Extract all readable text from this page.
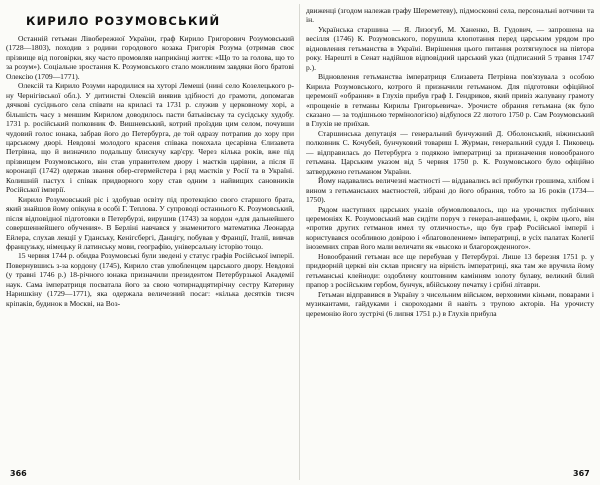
КИРИЛО РОЗУМОВСЬКИЙ

Останній гетьман Лівобережної України, граф Кирило Григорович Розумовський (1728—1803), походив з родини городового козака Григорія Розума (отримав своє прізвище від поговірки, яку часто промовляв наприкінці життя: «Що то за голова, що то за розум»). Соціальне зростання К. Розумовського стало можливим завдяки його братові Олексію (1709—1771).

Олексій та Кирило Розуми народилися на хуторі Лемеші (нині село Козелецького р-ну Чернігівської обл.). У дитинстві Олексій виявив здібності до грамоти, допомагав дячкові сусіднього села співати на криласі та 1731 р. служив у церковному хорі, а більшість часу з меншим Кирилом доводилось пасти батьківську та сусідську худобу. 1731 р. російський полковник Ф. Вишневський, котрий проїздив цим селом, почувши чудовий голос юнака, забрав його до Петербурга, де той одразу потрапив до хору при царському дворі. Невдовзі молодого красеня співака покохала цесарівна Єлизавета Петрівна, що й визначило подальшу блискучу кар'єру. Через кілька років, вже під прізвищем Розумовського, він став управителем двору і маєтків царівни, а після її коронації (1742) одержав звання обер-єгермейстера і ряд маєтків у Росії та в Україні. Колишній пастух і співак придворного хору став одним з найвищих сановників Російської імперії.

Кирило Розумовський ріс і здобував освіту під протекцією свого старшого брата, який знайшов йому опікуна в особі Г. Теплова. У супроводі останнього К. Розумовський, після відповідної підготовки в Петербурзі, вирушив (1743) за кордон «для дальнейшего совершеннейшего обучения». В Берліні навчався у знаменитого математика Леонарда Ейлера, слухав лекції у Гданську, Кенігсбергі, Данцігу, побував у Франції, Італії, вивчав французьку, німецьку й латинську мови, географію, універсальну історію тощо.

15 червня 1744 р. обидва Розумовські були зведені у статус графів Російської імперії. Повернувшись з-за кордону (1745), Кирило став улюбленцем царського двору. Невдовзі (у травні 1746 р.) 18-річного юнака призначили президентом Петербурзької Академії наук. Сама імператриця посватала його за свою чотирнадцятирічну сестру Катерину Наришкіну (1729—1771), яка одержала величезний посаг: «кілька десятків тисяч кріпаків, будинок в Москві, на Воз-

движенці (згодом належав графу Шереметеву), підмосковні села, персональні вотчини та ін.

Українська старшина — Я. Лизогуб, М. Ханенко, В. Гудович, — запрошена на весілля (1746) К. Розумовського, порушила клопотання перед царським урядом про відновлення гетьманства в Україні. Вирішення цього питання розтягнулося на півтора року. Нарешті в Сенат надійшов відповідний царський указ (підписаний 5 травня 1747 р.).

Відновлення гетьманства імператриця Єлизавета Петрівна пов'язувала з особою Кирила Розумовського, котрого й призначили гетьманом. Для підготовки офіційної церемонії «обрання» в Глухів прибув граф І. Гендриков, який привіз жалувану грамоту «прощеніе в гетманы Кирилы Григорьевича». Урочисте обрання гетьмана (як було сказано — за тодішньою термінологією) відбулося 22 лютого 1750 р. Сам Розумовський в Глухів не приїхав.

Старшинська депутація — генеральний бунчужний Д. Оболонський, ніжинський полковник С. Кочубей, бунчуковий товариш І. Журман, генеральний суддя І. Пиковець — відправилась до Петербурга з подякою імператриці за призначення новообраного гетьмана. Царським указом від 5 червня 1750 р. К. Розумовського було офіційно затверджено гетьманом України.

Йому надавались величезні маєтності — віддавались всі прибутки грошима, хлібом і вином з гетьманських маєтностей, зібрані до його обрання, тобто за 16 років (1734—1750).

Рядом наступних царських указів обумовлювалось, що на урочистих публічних церемоніях К. Розумовський мав сидіти поруч з генерал-аншефами, і, окрім цього, він «против других гетманов имел ту отличность», що був граф Російської імперії і користувався особливою довірою і «благоволением» імператриці, в усіх палатах Колегії іноземних справ його мали величати як «высоко и благорожденного».

Новообраний гетьман все ще перебував у Петербурзі. Лише 13 березня 1751 р. у придворній церкві він склав присягу на вірність імператриці, яка там же вручила йому гетьманські клейноди: оздоблену коштовним камінням золоту булаву, великий білий прапор з російським гербом, бунчук, вбійськову печатку і срібні літаври.

Гетьман відправився в Україну з чисельним військом, верховими кіньми, поварами і музикантами, гайдуками і скороходами й навіть з трупою акторів. На урочисту церемонію його зустрічі (6 липня 1751 р.) в Глухів прибула

366	367
